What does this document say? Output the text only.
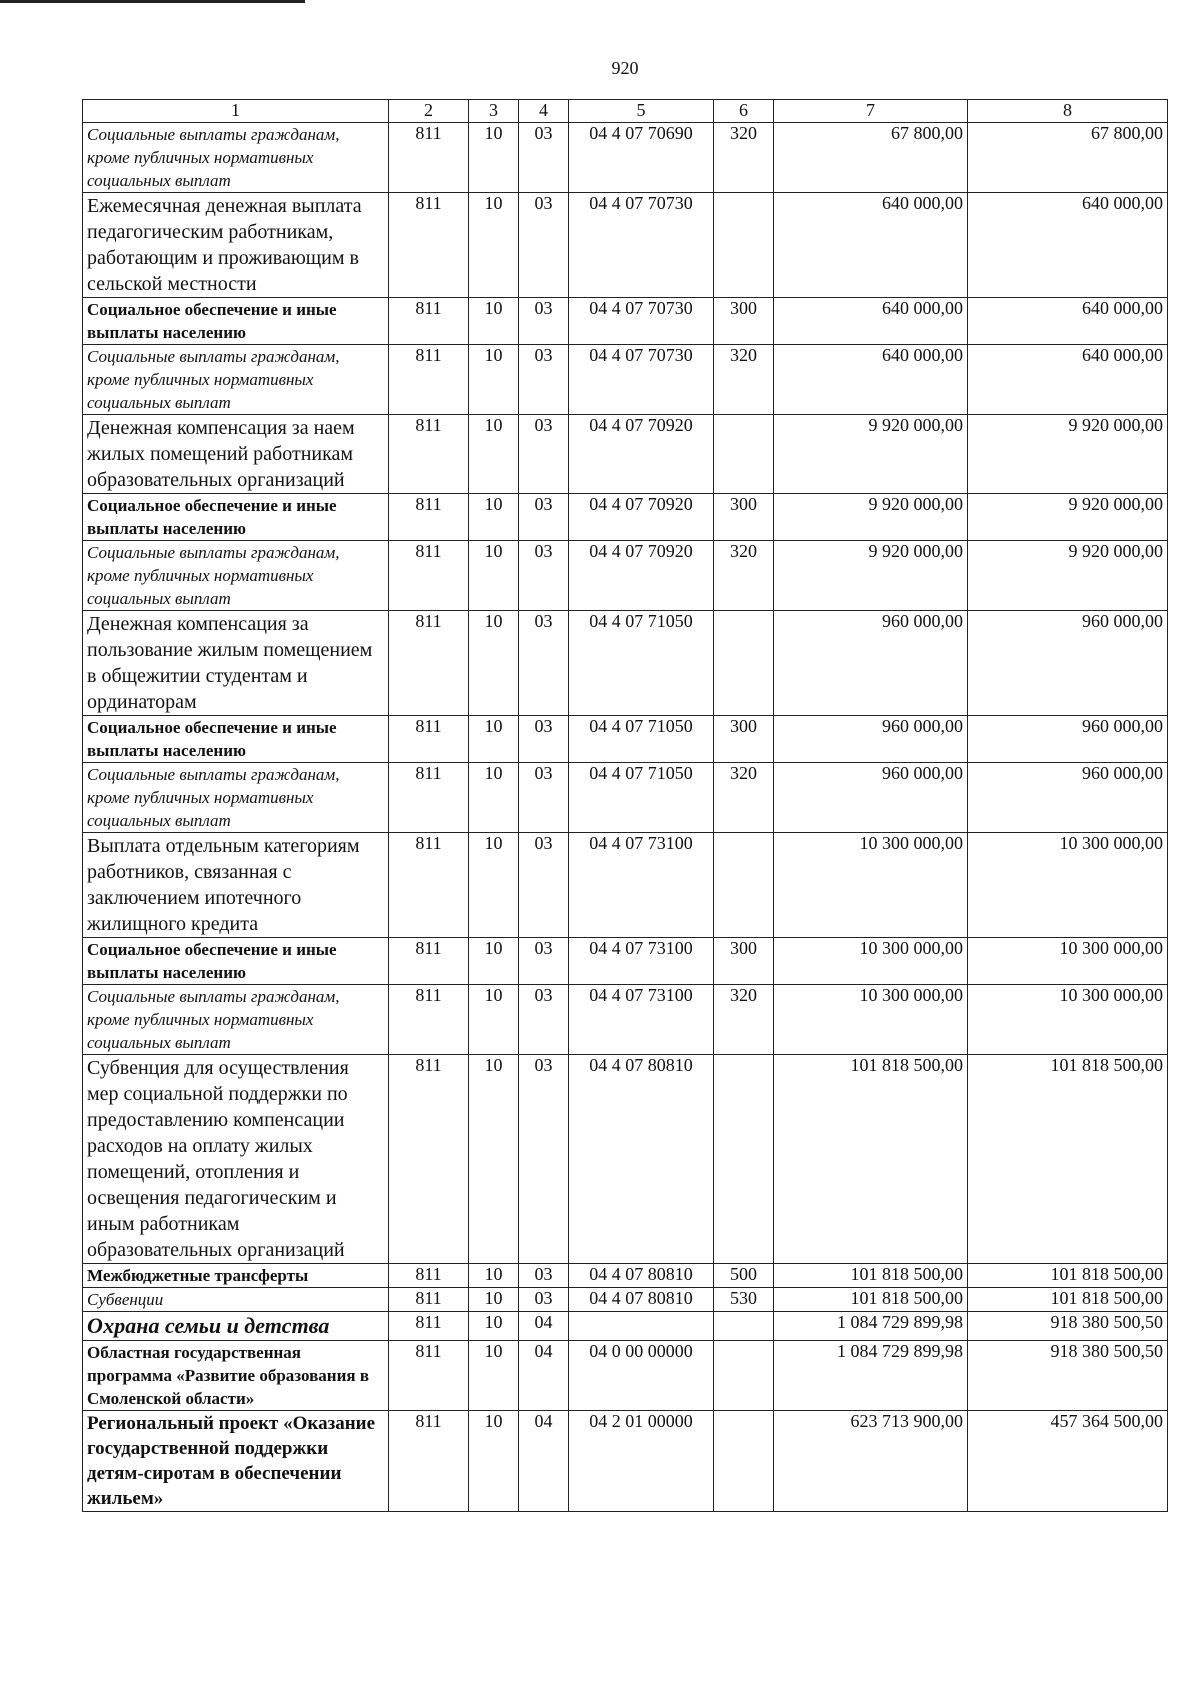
920
1	2	3	4	5	6	7	8
Социальные выплаты гражданам, кроме публичных нормативных социальных выплат	811	10	03	04 4 07 70690	320	67 800,00	67 800,00
Ежемесячная денежная выплата педагогическим работникам, работающим и проживающим в сельской местности	811	10	03	04 4 07 70730		640 000,00	640 000,00
Социальное обеспечение и иные выплаты населению	811	10	03	04 4 07 70730	300	640 000,00	640 000,00
Социальные выплаты гражданам, кроме публичных нормативных социальных выплат	811	10	03	04 4 07 70730	320	640 000,00	640 000,00
Денежная компенсация за наем жилых помещений работникам образовательных организаций	811	10	03	04 4 07 70920		9 920 000,00	9 920 000,00
Социальное обеспечение и иные выплаты населению	811	10	03	04 4 07 70920	300	9 920 000,00	9 920 000,00
Социальные выплаты гражданам, кроме публичных нормативных социальных выплат	811	10	03	04 4 07 70920	320	9 920 000,00	9 920 000,00
Денежная компенсация за пользование жилым помещением в общежитии студентам и ординаторам	811	10	03	04 4 07 71050		960 000,00	960 000,00
Социальное обеспечение и иные выплаты населению	811	10	03	04 4 07 71050	300	960 000,00	960 000,00
Социальные выплаты гражданам, кроме публичных нормативных социальных выплат	811	10	03	04 4 07 71050	320	960 000,00	960 000,00
Выплата отдельным категориям работников, связанная с заключением ипотечного жилищного кредита	811	10	03	04 4 07 73100		10 300 000,00	10 300 000,00
Социальное обеспечение и иные выплаты населению	811	10	03	04 4 07 73100	300	10 300 000,00	10 300 000,00
Социальные выплаты гражданам, кроме публичных нормативных социальных выплат	811	10	03	04 4 07 73100	320	10 300 000,00	10 300 000,00
Субвенция для осуществления мер социальной поддержки по предоставлению компенсации расходов на оплату жилых помещений, отопления и освещения педагогическим и иным работникам образовательных организаций	811	10	03	04 4 07 80810		101 818 500,00	101 818 500,00
Межбюджетные трансферты	811	10	03	04 4 07 80810	500	101 818 500,00	101 818 500,00
Субвенции	811	10	03	04 4 07 80810	530	101 818 500,00	101 818 500,00
Охрана семьи и детства	811	10	04			1 084 729 899,98	918 380 500,50
Областная государственная программа «Развитие образования в Смоленской области»	811	10	04	04 0 00 00000		1 084 729 899,98	918 380 500,50
Региональный проект «Оказание государственной поддержки детям-сиротам в обеспечении жильем»	811	10	04	04 2 01 00000		623 713 900,00	457 364 500,00
